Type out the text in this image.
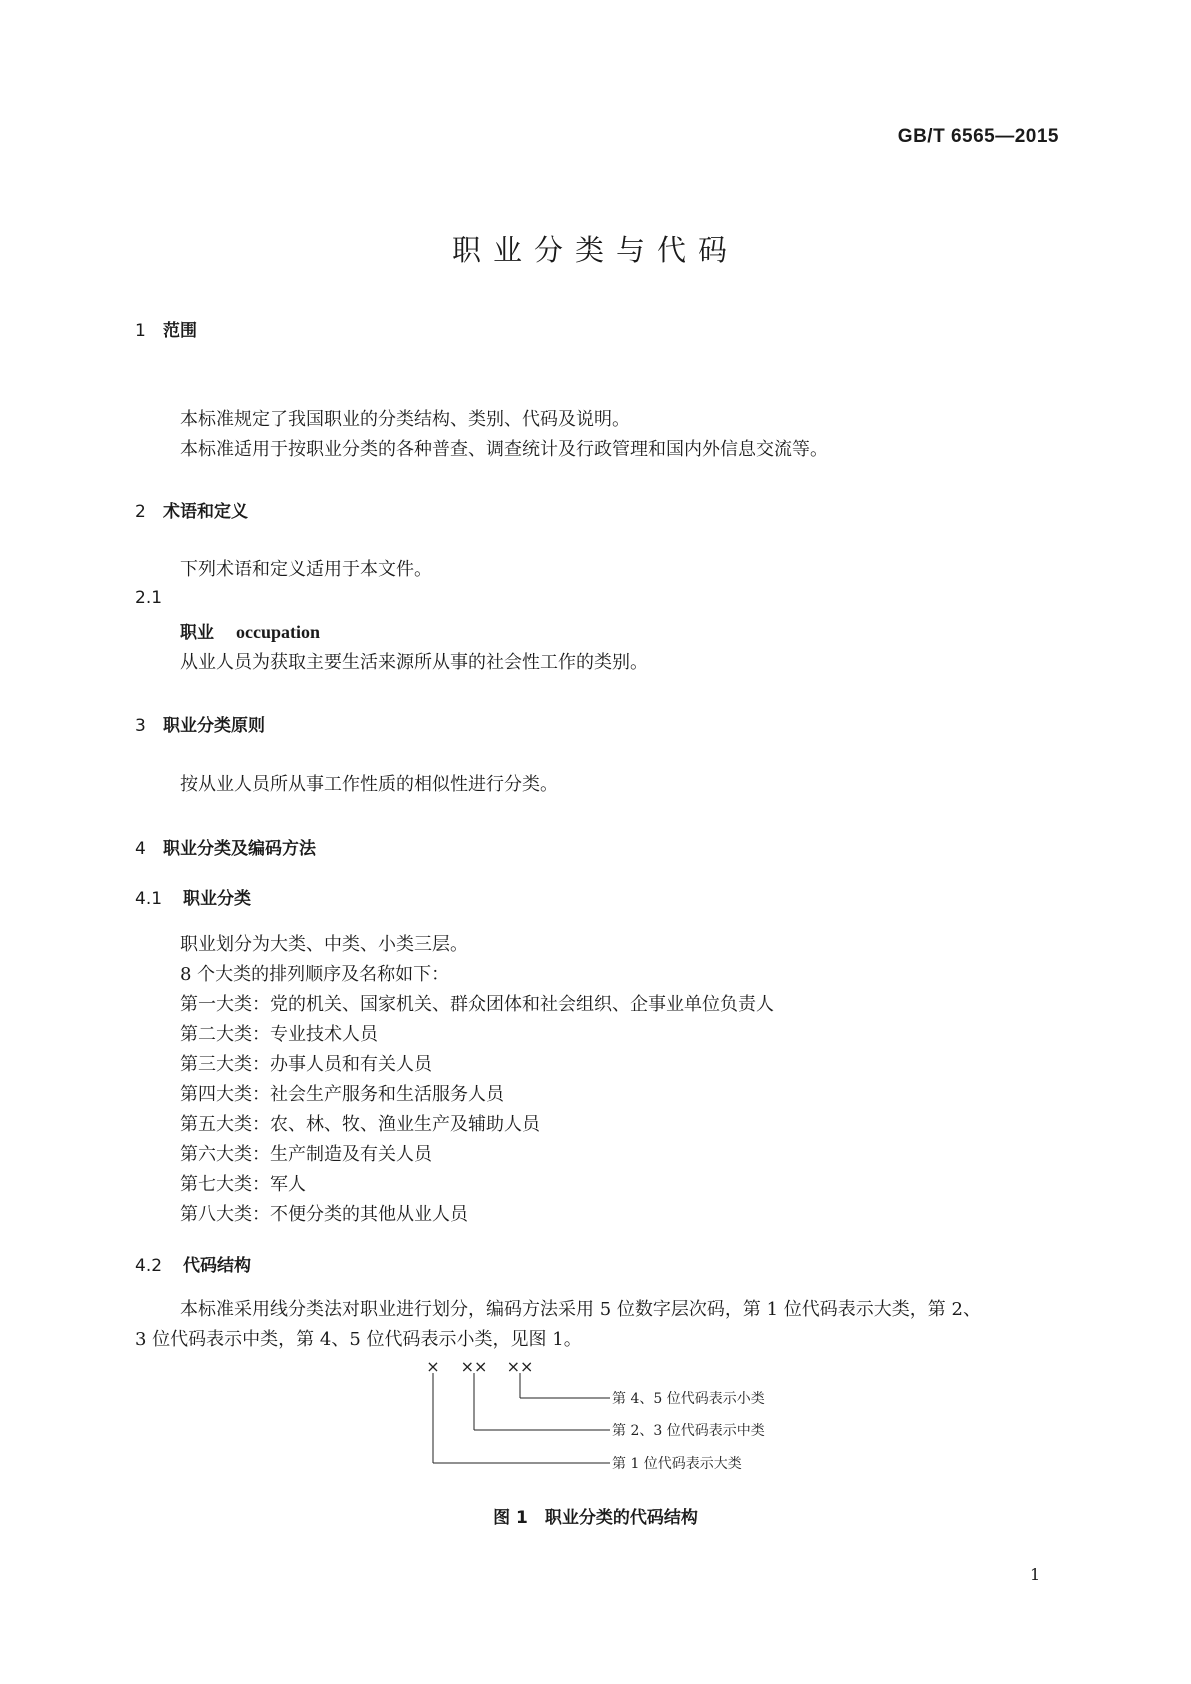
GB/T 6565—2015
职业分类与代码
1 范围
本标准规定了我国职业的分类结构、类别、代码及说明。
本标准适用于按职业分类的各种普查、调查统计及行政管理和国内外信息交流等。
2 术语和定义
下列术语和定义适用于本文件。
2.1
职业 occupation
从业人员为获取主要生活来源所从事的社会性工作的类别。
3 职业分类原则
按从业人员所从事工作性质的相似性进行分类。
4 职业分类及编码方法
4.1 职业分类
职业划分为大类、中类、小类三层。
8 个大类的排列顺序及名称如下：
第一大类：党的机关、国家机关、群众团体和社会组织、企事业单位负责人
第二大类：专业技术人员
第三大类：办事人员和有关人员
第四大类：社会生产服务和生活服务人员
第五大类：农、林、牧、渔业生产及辅助人员
第六大类：生产制造及有关人员
第七大类：军人
第八大类：不便分类的其他从业人员
4.2 代码结构
本标准采用线分类法对职业进行划分，编码方法采用 5 位数字层次码，第 1 位代码表示大类，第 2、
3 位代码表示中类，第 4、5 位代码表示小类，见图 1。
× ×× ××
第 4、5 位代码表示小类
第 2、3 位代码表示中类
第 1 位代码表示大类
图 1　职业分类的代码结构
1
